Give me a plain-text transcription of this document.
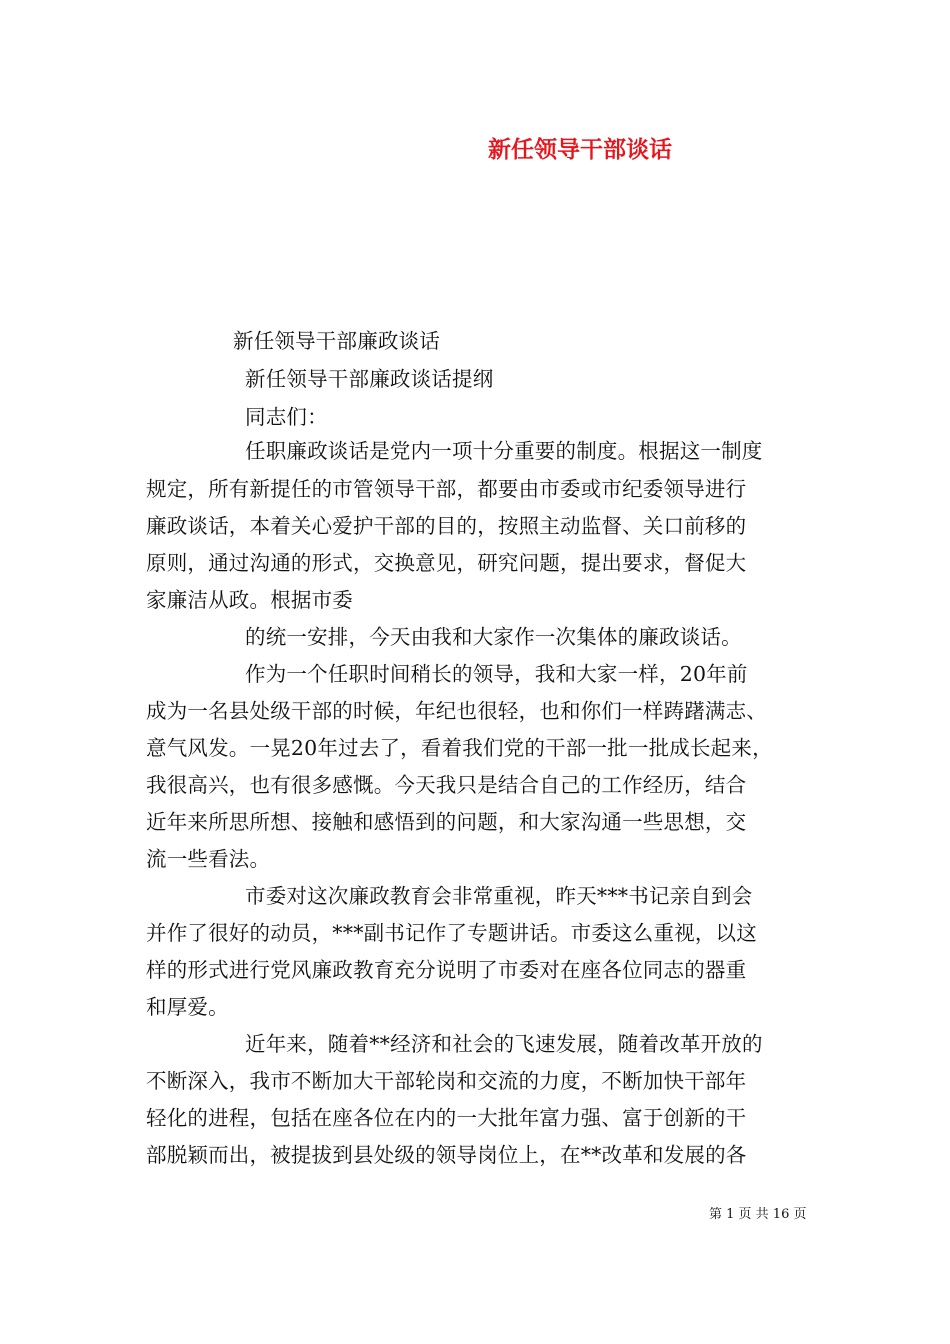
新任领导干部谈话
新任领导干部廉政谈话
新任领导干部廉政谈话提纲
同志们：
任职廉政谈话是党内一项十分重要的制度。根据这一制度
规定，所有新提任的市管领导干部，都要由市委或市纪委领导进行
廉政谈话，本着关心爱护干部的目的，按照主动监督、关口前移的
原则，通过沟通的形式，交换意见，研究问题，提出要求，督促大
家廉洁从政。根据市委
的统一安排，今天由我和大家作一次集体的廉政谈话。
作为一个任职时间稍长的领导，我和大家一样，20年前
成为一名县处级干部的时候，年纪也很轻，也和你们一样踌躇满志、
意气风发。一晃20年过去了，看着我们党的干部一批一批成长起来，
我很高兴，也有很多感慨。今天我只是结合自己的工作经历，结合
近年来所思所想、接触和感悟到的问题，和大家沟通一些思想，交
流一些看法。
市委对这次廉政教育会非常重视，昨天***书记亲自到会
并作了很好的动员，***副书记作了专题讲话。市委这么重视，以这
样的形式进行党风廉政教育充分说明了市委对在座各位同志的器重
和厚爱。
近年来，随着**经济和社会的飞速发展，随着改革开放的
不断深入，我市不断加大干部轮岗和交流的力度，不断加快干部年
轻化的进程，包括在座各位在内的一大批年富力强、富于创新的干
部脱颖而出，被提拔到县处级的领导岗位上，在**改革和发展的各
第 1 页 共 16 页
